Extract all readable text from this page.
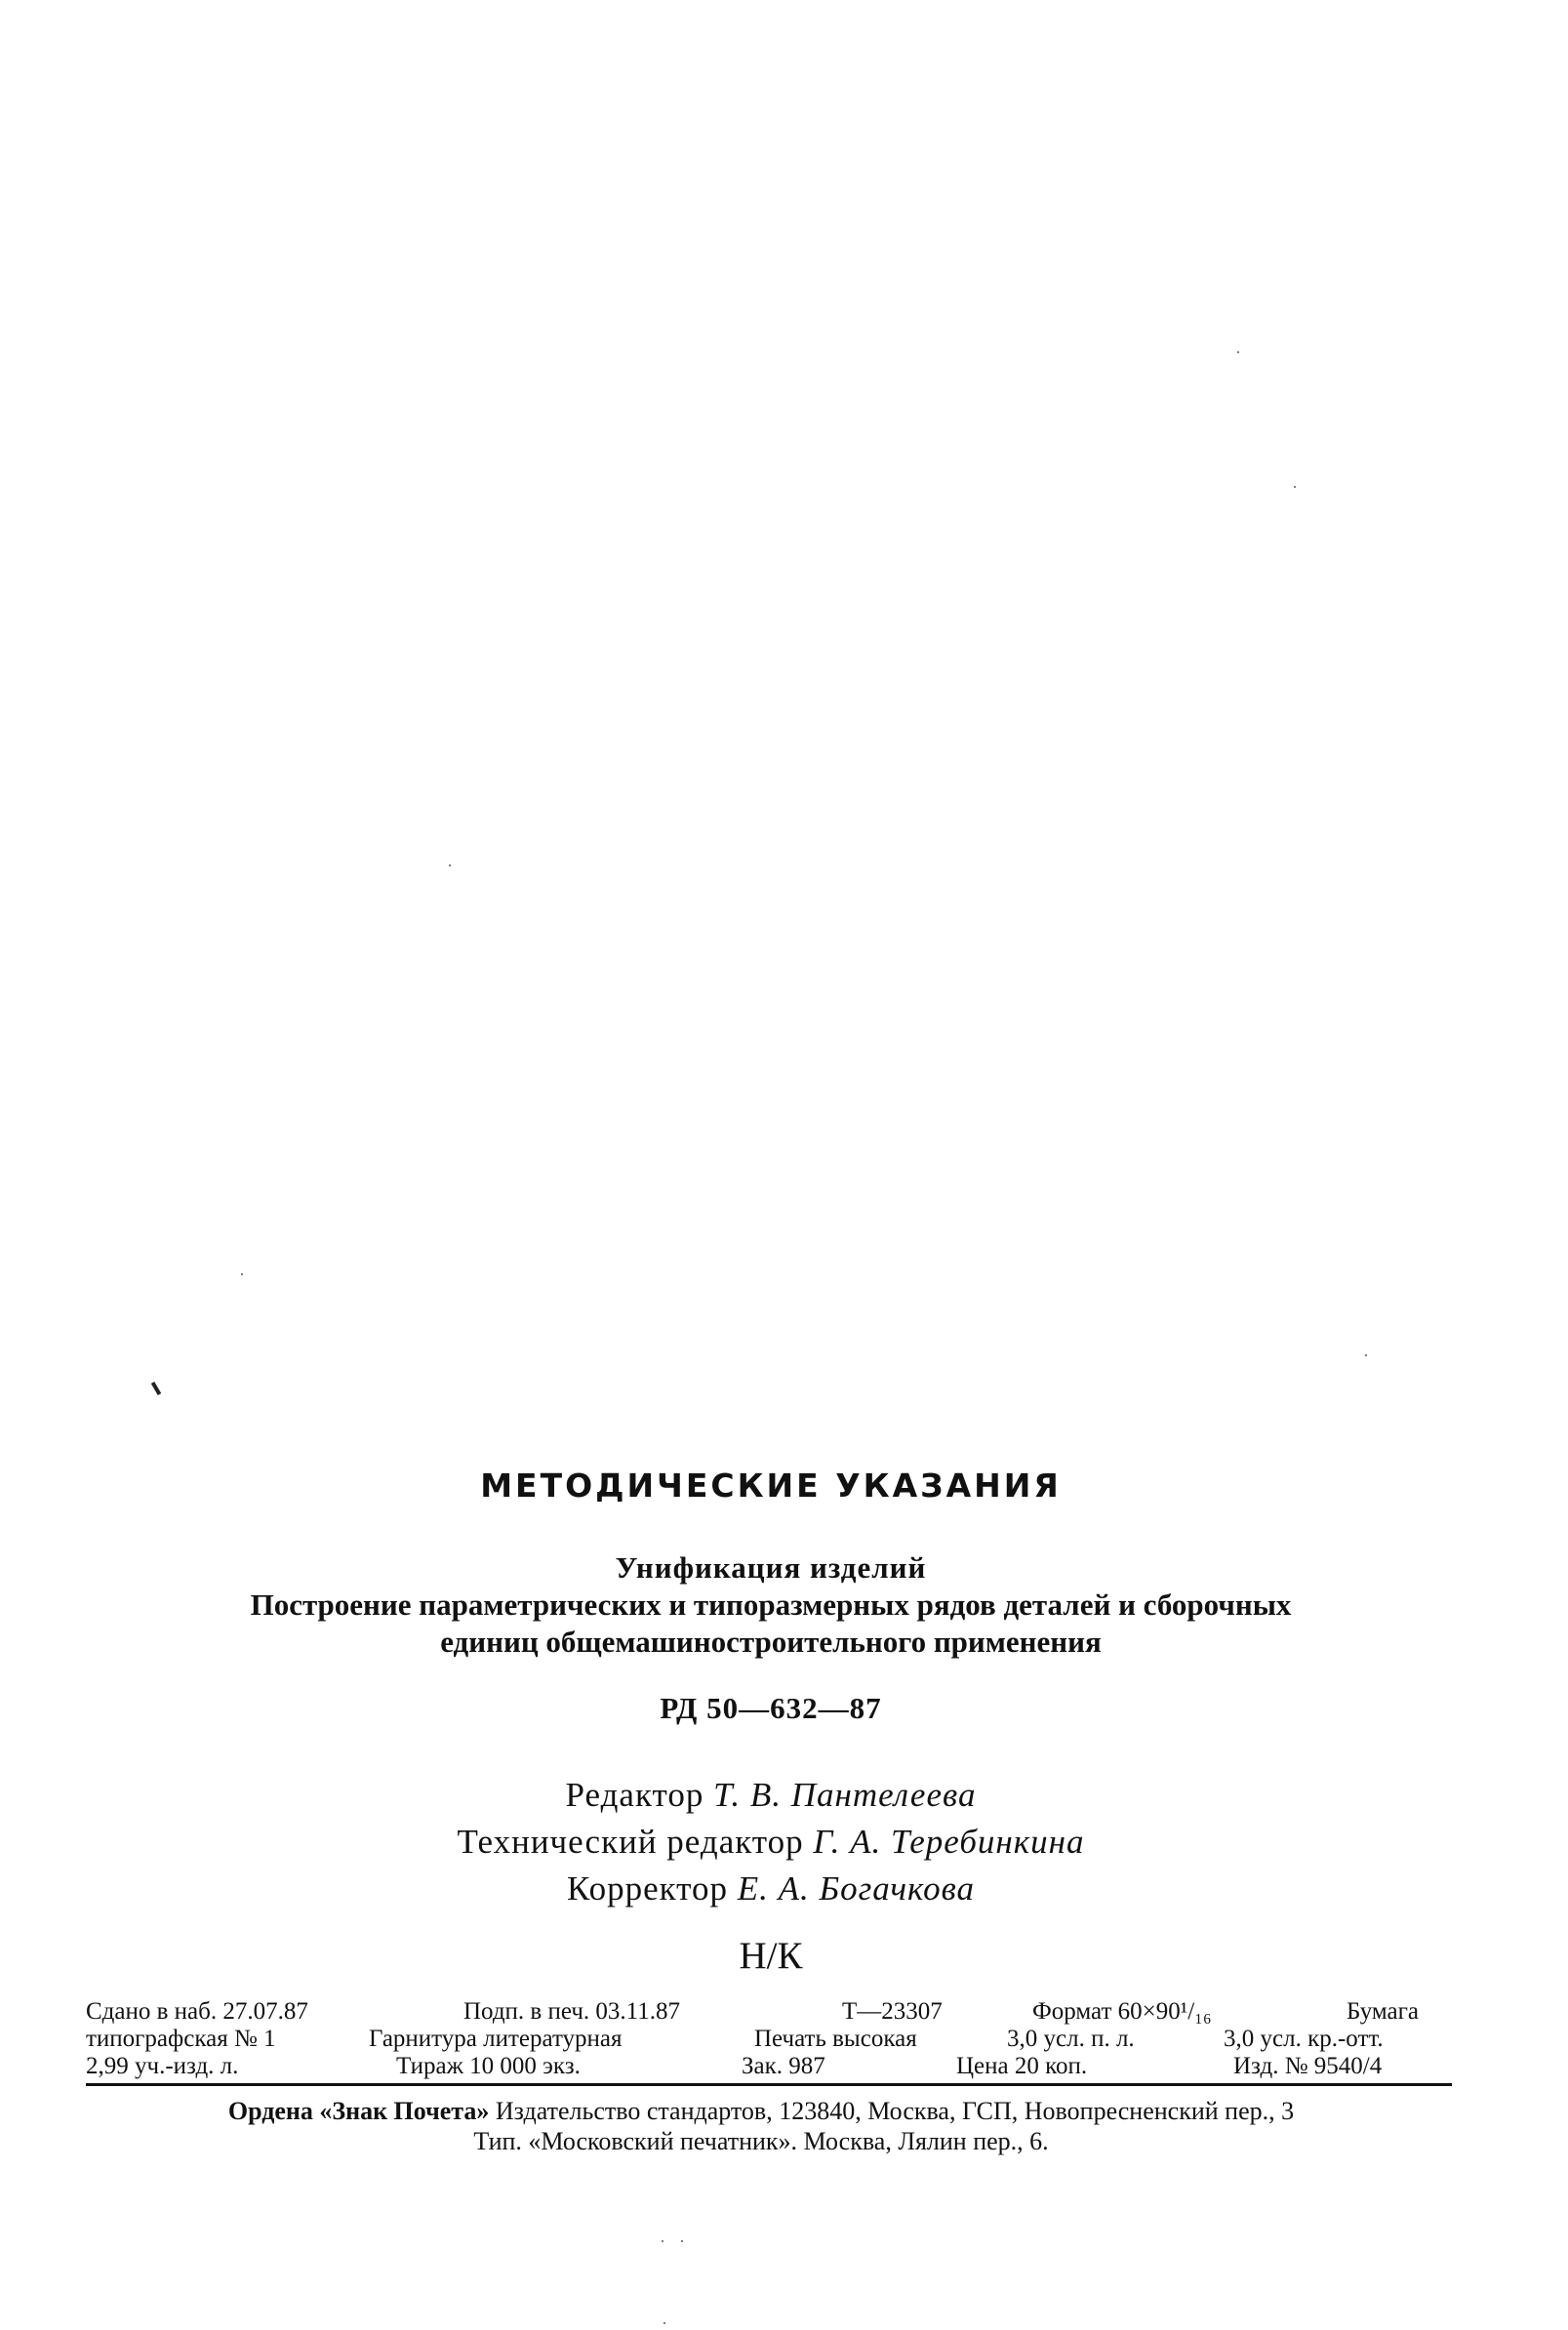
МЕТОДИЧЕСКИЕ УКАЗАНИЯ
Унификация изделий
Построение параметрических и типоразмерных рядов деталей и сборочных
единиц общемашиностроительного применения
РД 50—632—87
Редактор Т. В. Пантелеева
Технический редактор Г. А. Теребинкина
Корректор Е. А. Богачкова
Н/К
Сдано в наб. 27.07.87	Подп. в печ. 03.11.87	Т—23307	Формат 60×90¹/₁₆	Бумага
типографская № 1	Гарнитура литературная	Печать высокая	3,0 усл. п. л.	3,0 усл. кр.-отт.
2,99 уч.-изд. л.	Тираж 10 000 экз.	Зак. 987	Цена 20 коп.	Изд. № 9540/4
Ордена «Знак Почета» Издательство стандартов, 123840, Москва, ГСП, Новопресненский пер., 3
Тип. «Московский печатник». Москва, Лялин пер., 6.
